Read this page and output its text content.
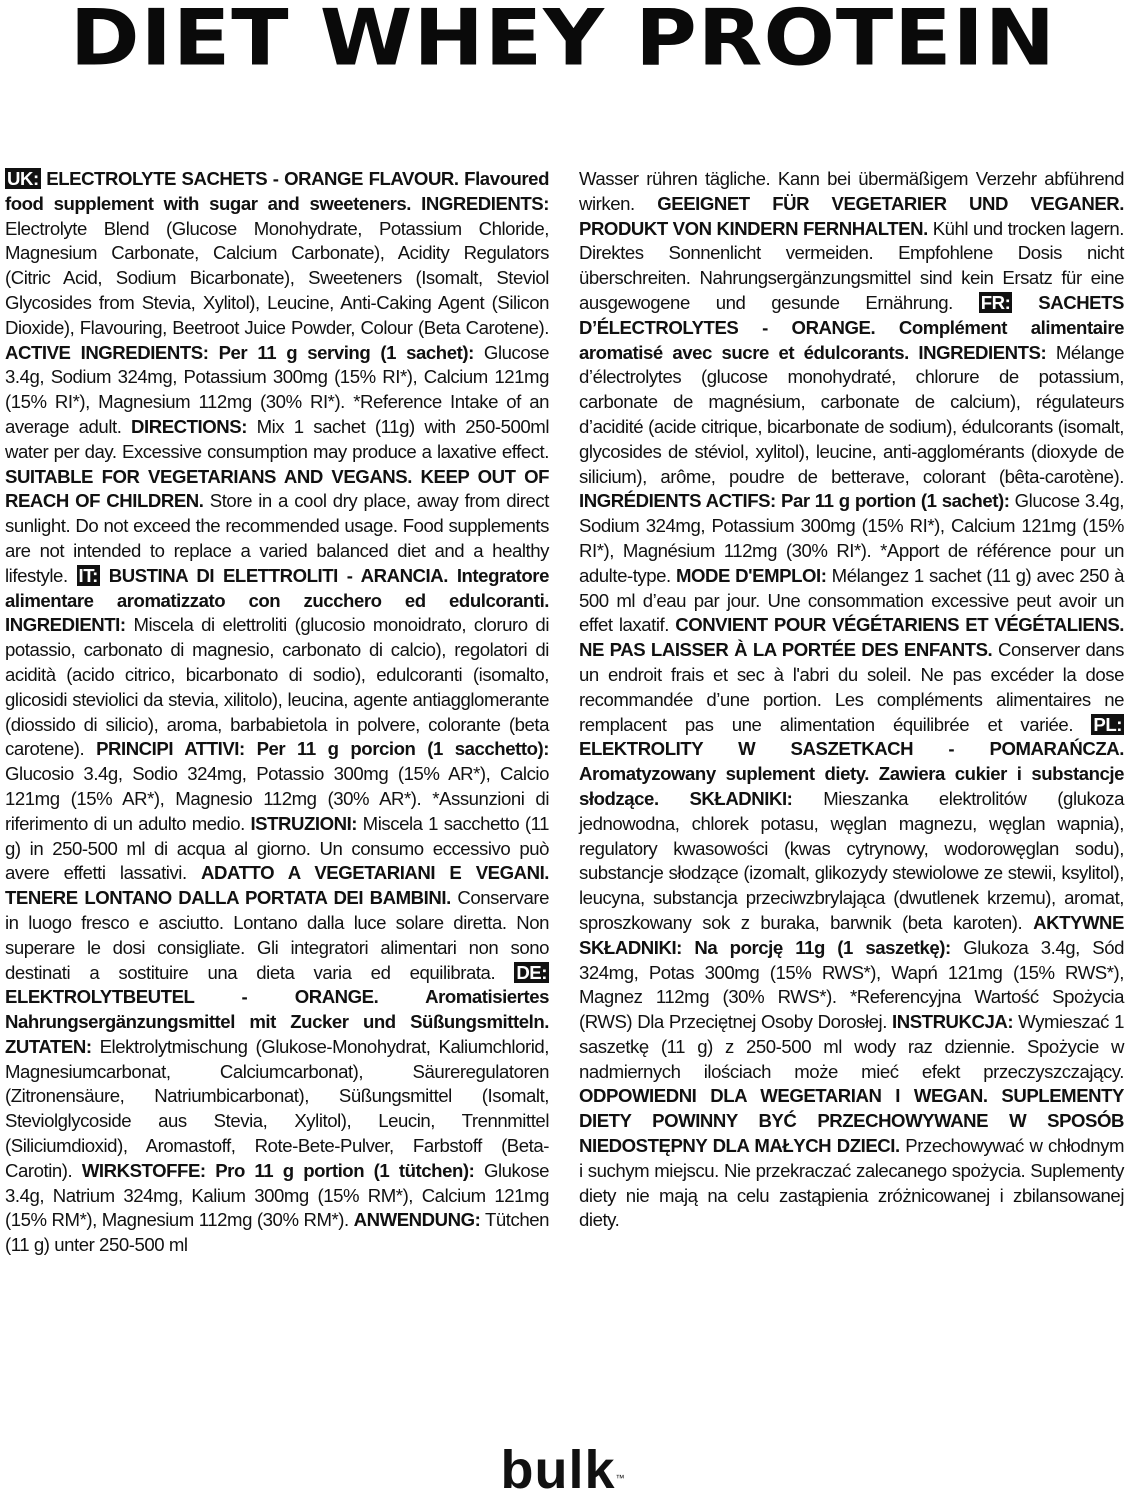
DIET WHEY PROTEIN

UK: ELECTROLYTE SACHETS - ORANGE FLAVOUR. Flavoured food supplement with sugar and sweeteners. INGREDIENTS: Electrolyte Blend (Glucose Monohydrate, Potassium Chloride, Magnesium Carbonate, Calcium Carbonate), Acidity Regulators (Citric Acid, Sodium Bicarbonate), Sweeteners (Isomalt, Steviol Glycosides from Stevia, Xylitol), Leucine, Anti-Caking Agent (Silicon Dioxide), Flavouring, Beetroot Juice Powder, Colour (Beta Carotene). ACTIVE INGREDIENTS: Per 11 g serving (1 sachet): Glucose 3.4g, Sodium 324mg, Potassium 300mg (15% RI*), Calcium 121mg (15% RI*), Magnesium 112mg (30% RI*). *Reference Intake of an average adult. DIRECTIONS: Mix 1 sachet (11g) with 250-500ml water per day. Excessive consumption may produce a laxative effect. SUITABLE FOR VEGETARIANS AND VEGANS. KEEP OUT OF REACH OF CHILDREN. Store in a cool dry place, away from direct sunlight. Do not exceed the recommended usage. Food supplements are not intended to replace a varied balanced diet and a healthy lifestyle. IT: BUSTINA DI ELETTROLITI - ARANCIA. Integratore alimentare aromatizzato con zucchero ed edulcoranti. INGREDIENTI: Miscela di elettroliti (glucosio monoidrato, cloruro di potassio, carbonato di magnesio, carbonato di calcio), regolatori di acidità (acido citrico, bicarbonato di sodio), edulcoranti (isomalto, glicosidi steviolici da stevia, xilitolo), leucina, agente antiagglomerante (diossido di silicio), aroma, barbabietola in polvere, colorante (beta carotene). PRINCIPI ATTIVI: Per 11 g porcion (1 sacchetto): Glucosio 3.4g, Sodio 324mg, Potassio 300mg (15% AR*), Calcio 121mg (15% AR*), Magnesio 112mg (30% AR*). *Assunzioni di riferimento di un adulto medio. ISTRUZIONI: Miscela 1 sacchetto (11 g) in 250-500 ml di acqua al giorno. Un consumo eccessivo può avere effetti lassativi. ADATTO A VEGETARIANI E VEGANI. TENERE LONTANO DALLA PORTATA DEI BAMBINI. Conservare in luogo fresco e asciutto. Lontano dalla luce solare diretta. Non superare le dosi consigliate. Gli integratori alimentari non sono destinati a sostituire una dieta varia ed equilibrata. DE: ELEKTROLYTBEUTEL - ORANGE. Aromatisiertes Nahrungsergänzungsmittel mit Zucker und Süßungsmitteln. ZUTATEN: Elektrolytmischung (Glukose-Monohydrat, Kaliumchlorid, Magnesiumcarbonat, Calciumcarbonat), Säureregulatoren (Zitronensäure, Natriumbicarbonat), Süßungsmittel (Isomalt, Steviolglycoside aus Stevia, Xylitol), Leucin, Trennmittel (Siliciumdioxid), Aromastoff, Rote-Bete-Pulver, Farbstoff (Beta-Carotin). WIRKSTOFFE: Pro 11 g portion (1 tütchen): Glukose 3.4g, Natrium 324mg, Kalium 300mg (15% RM*), Calcium 121mg (15% RM*), Magnesium 112mg (30% RM*). ANWENDUNG: Tütchen (11 g) unter 250-500 ml

Wasser rühren tägliche. Kann bei übermäßigem Verzehr abführend wirken. GEEIGNET FÜR VEGETARIER UND VEGANER. PRODUKT VON KINDERN FERNHALTEN. Kühl und trocken lagern. Direktes Sonnenlicht vermeiden. Empfohlene Dosis nicht überschreiten. Nahrungsergänzungsmittel sind kein Ersatz für eine ausgewogene und gesunde Ernährung. FR: SACHETS D’ÉLECTROLYTES - ORANGE. Complément alimentaire aromatisé avec sucre et édulcorants. INGREDIENTS: Mélange d’électrolytes (glucose monohydraté, chlorure de potassium, carbonate de magnésium, carbonate de calcium), régulateurs d’acidité (acide citrique, bicarbonate de sodium), édulcorants (isomalt, glycosides de stéviol, xylitol), leucine, anti-agglomérants (dioxyde de silicium), arôme, poudre de betterave, colorant (bêta-carotène). INGRÉDIENTS ACTIFS: Par 11 g portion (1 sachet): Glucose 3.4g, Sodium 324mg, Potassium 300mg (15% RI*), Calcium 121mg (15% RI*), Magnésium 112mg (30% RI*). *Apport de référence pour un adulte-type. MODE D'EMPLOI: Mélangez 1 sachet (11 g) avec 250 à 500 ml d’eau par jour. Une consommation excessive peut avoir un effet laxatif. CONVIENT POUR VÉGÉTARIENS ET VÉGÉTALIENS. NE PAS LAISSER À LA PORTÉE DES ENFANTS. Conserver dans un endroit frais et sec à l'abri du soleil. Ne pas excéder la dose recommandée d’une portion. Les compléments alimentaires ne remplacent pas une alimentation équilibrée et variée. PL: ELEKTROLITY W SASZETKACH - POMARAŃCZA. Aromatyzowany suplement diety. Zawiera cukier i substancje słodzące. SKŁADNIKI: Mieszanka elektrolitów (glukoza jednowodna, chlorek potasu, węglan magnezu, węglan wapnia), regulatory kwasowości (kwas cytrynowy, wodorowęglan sodu), substancje słodzące (izomalt, glikozydy stewiolowe ze stewii, ksylitol), leucyna, substancja przeciwzbrylająca (dwutlenek krzemu), aromat, sproszkowany sok z buraka, barwnik (beta karoten). AKTYWNE SKŁADNIKI: Na porcję 11g (1 saszetkę): Glukoza 3.4g, Sód 324mg, Potas 300mg (15% RWS*), Wapń 121mg (15% RWS*), Magnez 112mg (30% RWS*). *Referencyjna Wartość Spożycia (RWS) Dla Przeciętnej Osoby Dorosłej. INSTRUKCJA: Wymieszać 1 saszetkę (11 g) z 250-500 ml wody raz dziennie. Spożycie w nadmiernych ilościach może mieć efekt przeczyszczający. ODPOWIEDNI DLA WEGETARIAN I WEGAN. SUPLEMENTY DIETY POWINNY BYĆ PRZECHOWYWANE W SPOSÓB NIEDOSTĘPNY DLA MAŁYCH DZIECI. Przechowywać w chłodnym i suchym miejscu. Nie przekraczać zalecanego spożycia. Suplementy diety nie mają na celu zastąpienia zróżnicowanej i zbilansowanej diety.

bulk™
